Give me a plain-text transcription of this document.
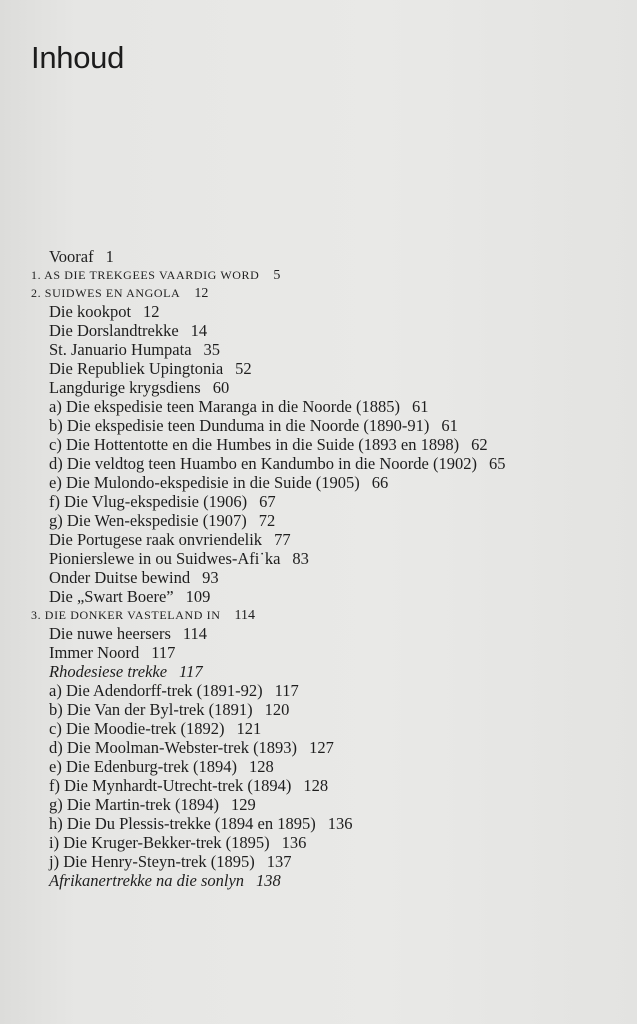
Inhoud
Vooraf 1
1. AS DIE TREKGEES VAARDIG WORD 5
2. SUIDWES EN ANGOLA 12
Die kookpot 12
Die Dorslandtrekke 14
St. Januario Humpata 35
Die Republiek Upingtonia 52
Langdurige krygsdiens 60
a) Die ekspedisie teen Maranga in die Noorde (1885) 61
b) Die ekspedisie teen Dunduma in die Noorde (1890-91) 61
c) Die Hottentotte en die Humbes in die Suide (1893 en 1898) 62
d) Die veldtog teen Huambo en Kandumbo in die Noorde (1902) 65
e) Die Mulondo-ekspedisie in die Suide (1905) 66
f) Die Vlug-ekspedisie (1906) 67
g) Die Wen-ekspedisie (1907) 72
Die Portugese raak onvriendelik 77
Pionierslewe in ou Suidwes-Afi˙ka 83
Onder Duitse bewind 93
Die „Swart Boere” 109
3. DIE DONKER VASTELAND IN 114
Die nuwe heersers 114
Immer Noord 117
Rhodesiese trekke 117
a) Die Adendorff-trek (1891-92) 117
b) Die Van der Byl-trek (1891) 120
c) Die Moodie-trek (1892) 121
d) Die Moolman-Webster-trek (1893) 127
e) Die Edenburg-trek (1894) 128
f) Die Mynhardt-Utrecht-trek (1894) 128
g) Die Martin-trek (1894) 129
h) Die Du Plessis-trekke (1894 en 1895) 136
i) Die Kruger-Bekker-trek (1895) 136
j) Die Henry-Steyn-trek (1895) 137
Afrikanertrekke na die sonlyn 138
